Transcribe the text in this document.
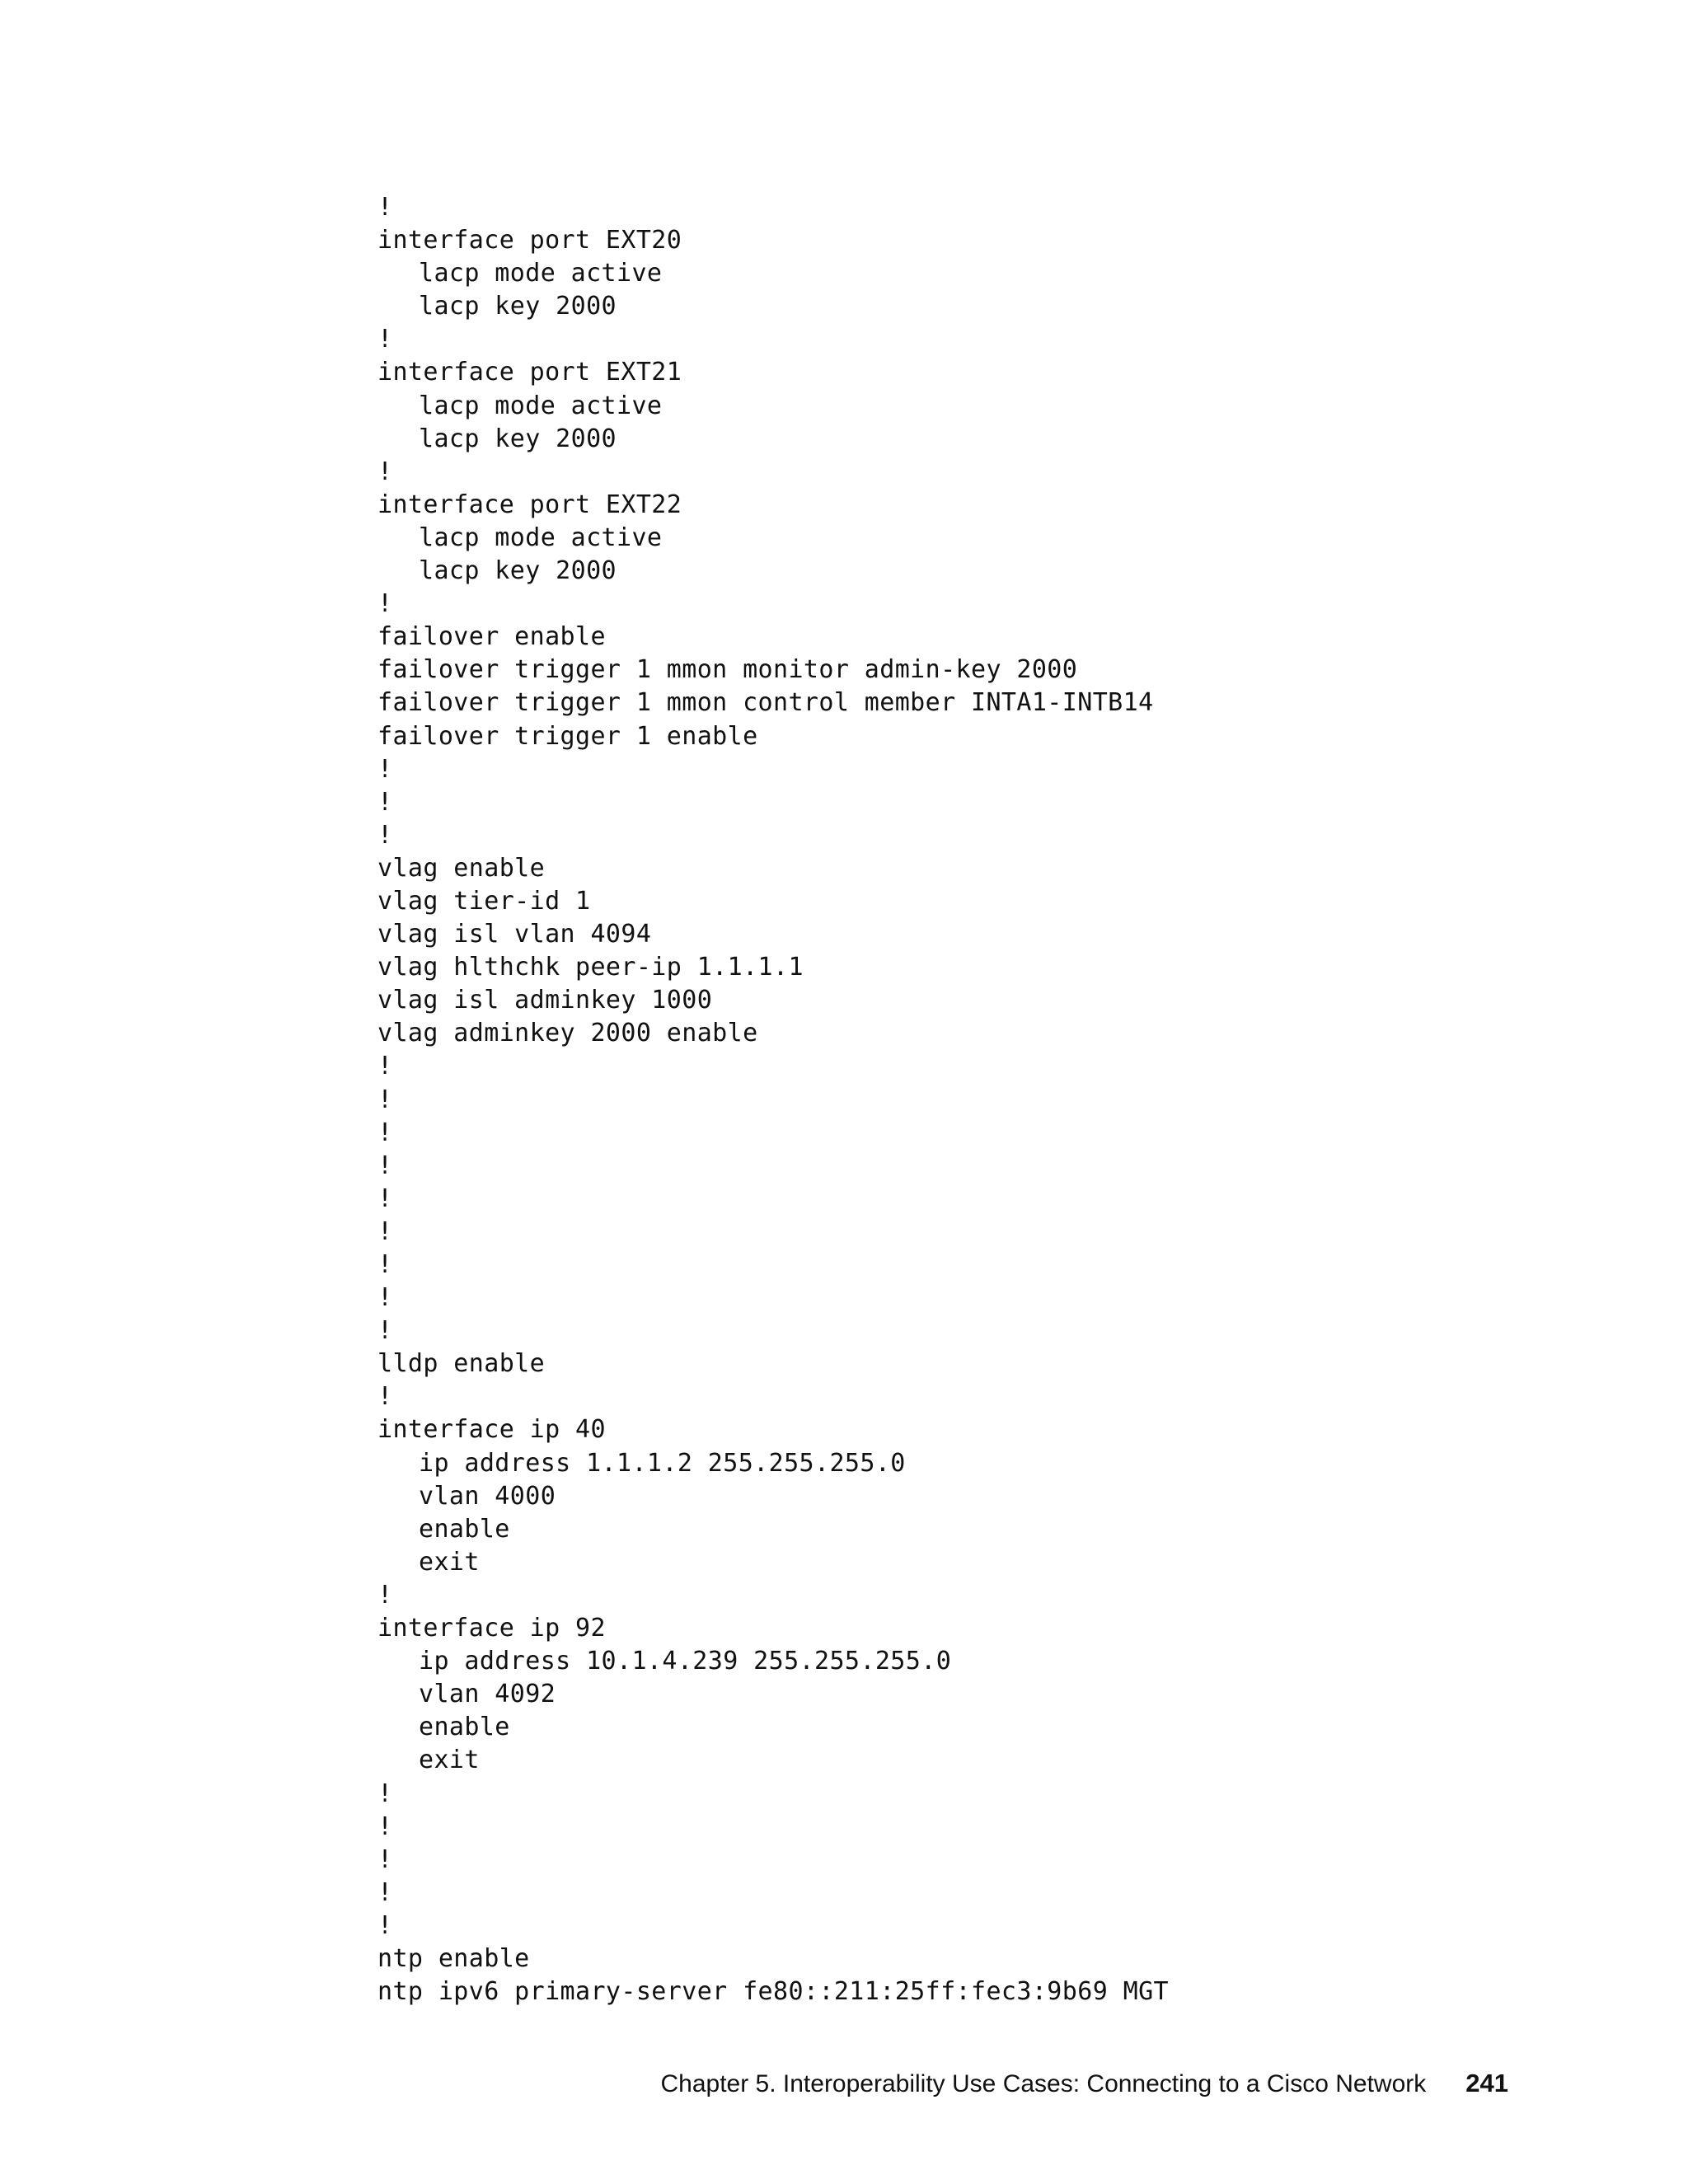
!
interface port EXT20
lacp mode active
lacp key 2000
!
interface port EXT21
lacp mode active
lacp key 2000
!
interface port EXT22
lacp mode active
lacp key 2000
!
failover enable
failover trigger 1 mmon monitor admin-key 2000
failover trigger 1 mmon control member INTA1-INTB14
failover trigger 1 enable
!
!
!
vlag enable
vlag tier-id 1
vlag isl vlan 4094
vlag hlthchk peer-ip 1.1.1.1
vlag isl adminkey 1000
vlag adminkey 2000 enable
!
!
!
!
!
!
!
!
!
lldp enable
!
interface ip 40
ip address 1.1.1.2 255.255.255.0
vlan 4000
enable
exit
!
interface ip 92
ip address 10.1.4.239 255.255.255.0
vlan 4092
enable
exit
!
!
!
!
!
ntp enable
ntp ipv6 primary-server fe80::211:25ff:fec3:9b69 MGT
Chapter 5. Interoperability Use Cases: Connecting to a Cisco Network 241
